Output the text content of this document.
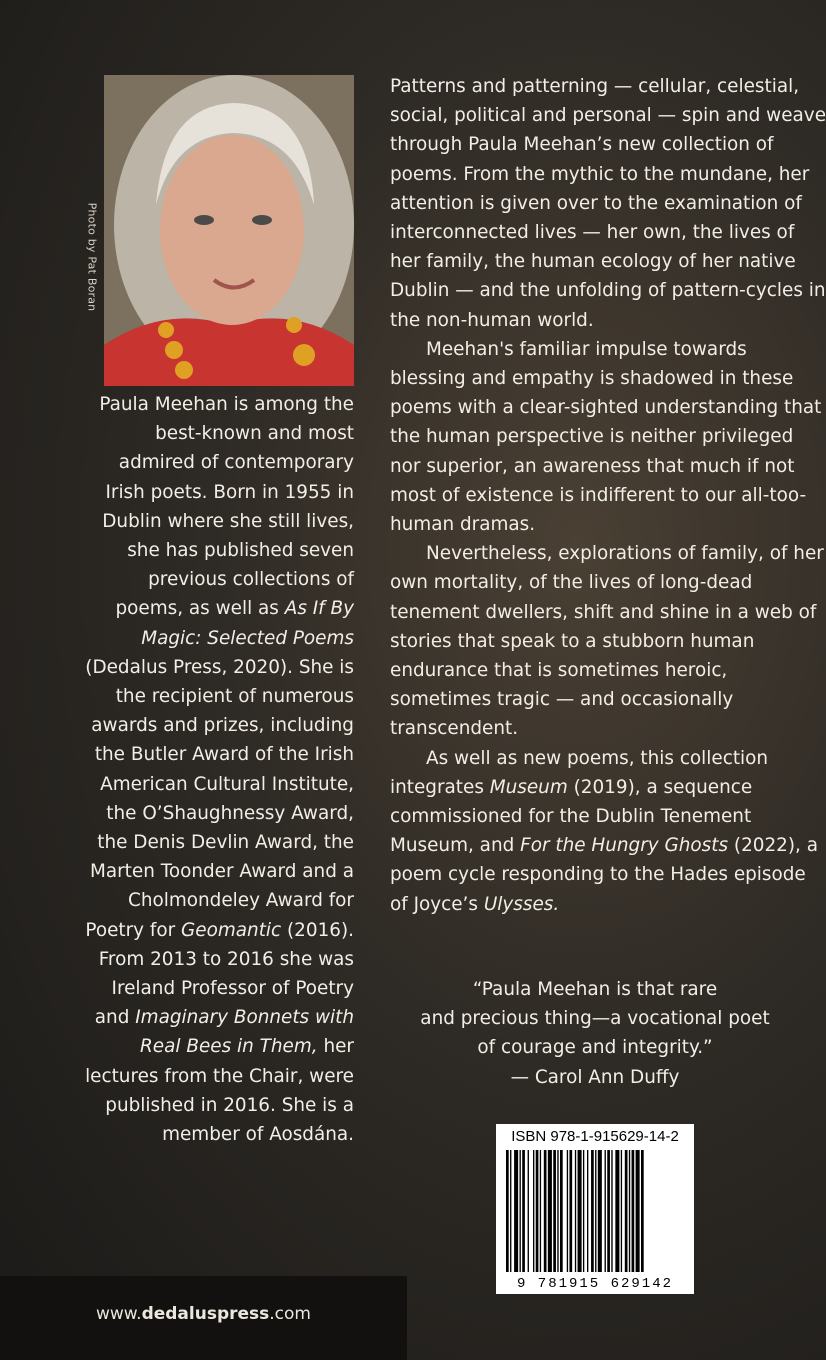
Photo by Pat Boran

Paula Meehan is among the best-known and most admired of contemporary Irish poets. Born in 1955 in Dublin where she still lives, she has published seven previous collections of poems, as well as As If By Magic: Selected Poems (Dedalus Press, 2020). She is the recipient of numerous awards and prizes, including the Butler Award of the Irish American Cultural Institute, the O’Shaughnessy Award, the Denis Devlin Award, the Marten Toonder Award and a Cholmondeley Award for Poetry for Geomantic (2016). From 2013 to 2016 she was Ireland Professor of Poetry and Imaginary Bonnets with Real Bees in Them, her lectures from the Chair, were published in 2016. She is a member of Aosdána.

Patterns and patterning — cellular, celestial, social, political and personal — spin and weave through Paula Meehan’s new collection of poems. From the mythic to the mundane, her attention is given over to the examination of interconnected lives — her own, the lives of her family, the human ecology of her native Dublin — and the unfolding of pattern-cycles in the non-human world.

Meehan's familiar impulse towards blessing and empathy is shadowed in these poems with a clear-sighted understanding that the human perspective is neither privileged nor superior, an awareness that much if not most of existence is indifferent to our all-too-human dramas.

Nevertheless, explorations of family, of her own mortality, of the lives of long-dead tenement dwellers, shift and shine in a web of stories that speak to a stubborn human endurance that is sometimes heroic, sometimes tragic — and occasionally transcendent.

As well as new poems, this collection integrates Museum (2019), a sequence commissioned for the Dublin Tenement Museum, and For the Hungry Ghosts (2022), a poem cycle responding to the Hades episode of Joyce’s Ulysses.

“Paula Meehan is that rare

and precious thing—a vocational poet

of courage and integrity.”

— Carol Ann Duffy

ISBN 978-1-915629-14-2
9 781915 629142
www.dedaluspress.com
